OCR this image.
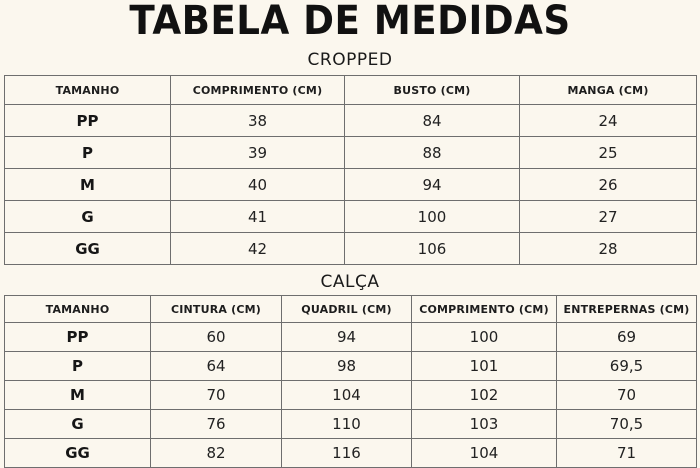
TABELA DE MEDIDAS
CROPPED
TAMANHO	COMPRIMENTO (CM)	BUSTO (CM)	MANGA (CM)
PP	38	84	24
P	39	88	25
M	40	94	26
G	41	100	27
GG	42	106	28
CALÇA
TAMANHO	CINTURA (CM)	QUADRIL (CM)	COMPRIMENTO (CM)	ENTREPERNAS (CM)
PP	60	94	100	69
P	64	98	101	69,5
M	70	104	102	70
G	76	110	103	70,5
GG	82	116	104	71
